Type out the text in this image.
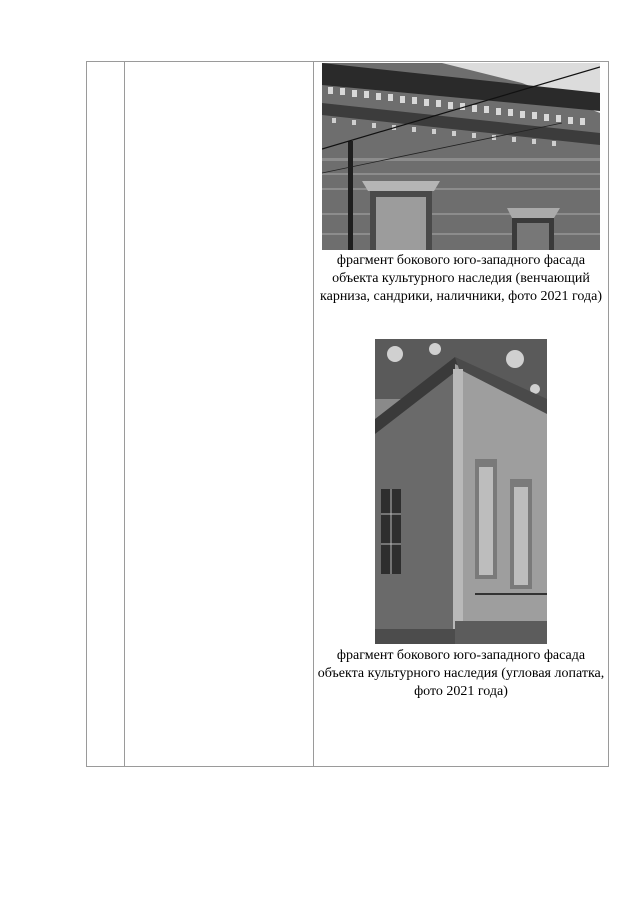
фрагмент бокового юго-западного фасада объекта культурного наследия (венчающий карниза, сандрики, наличники, фото 2021 года)
фрагмент бокового юго-западного фасада объекта культурного наследия (угловая лопатка, фото 2021 года)
